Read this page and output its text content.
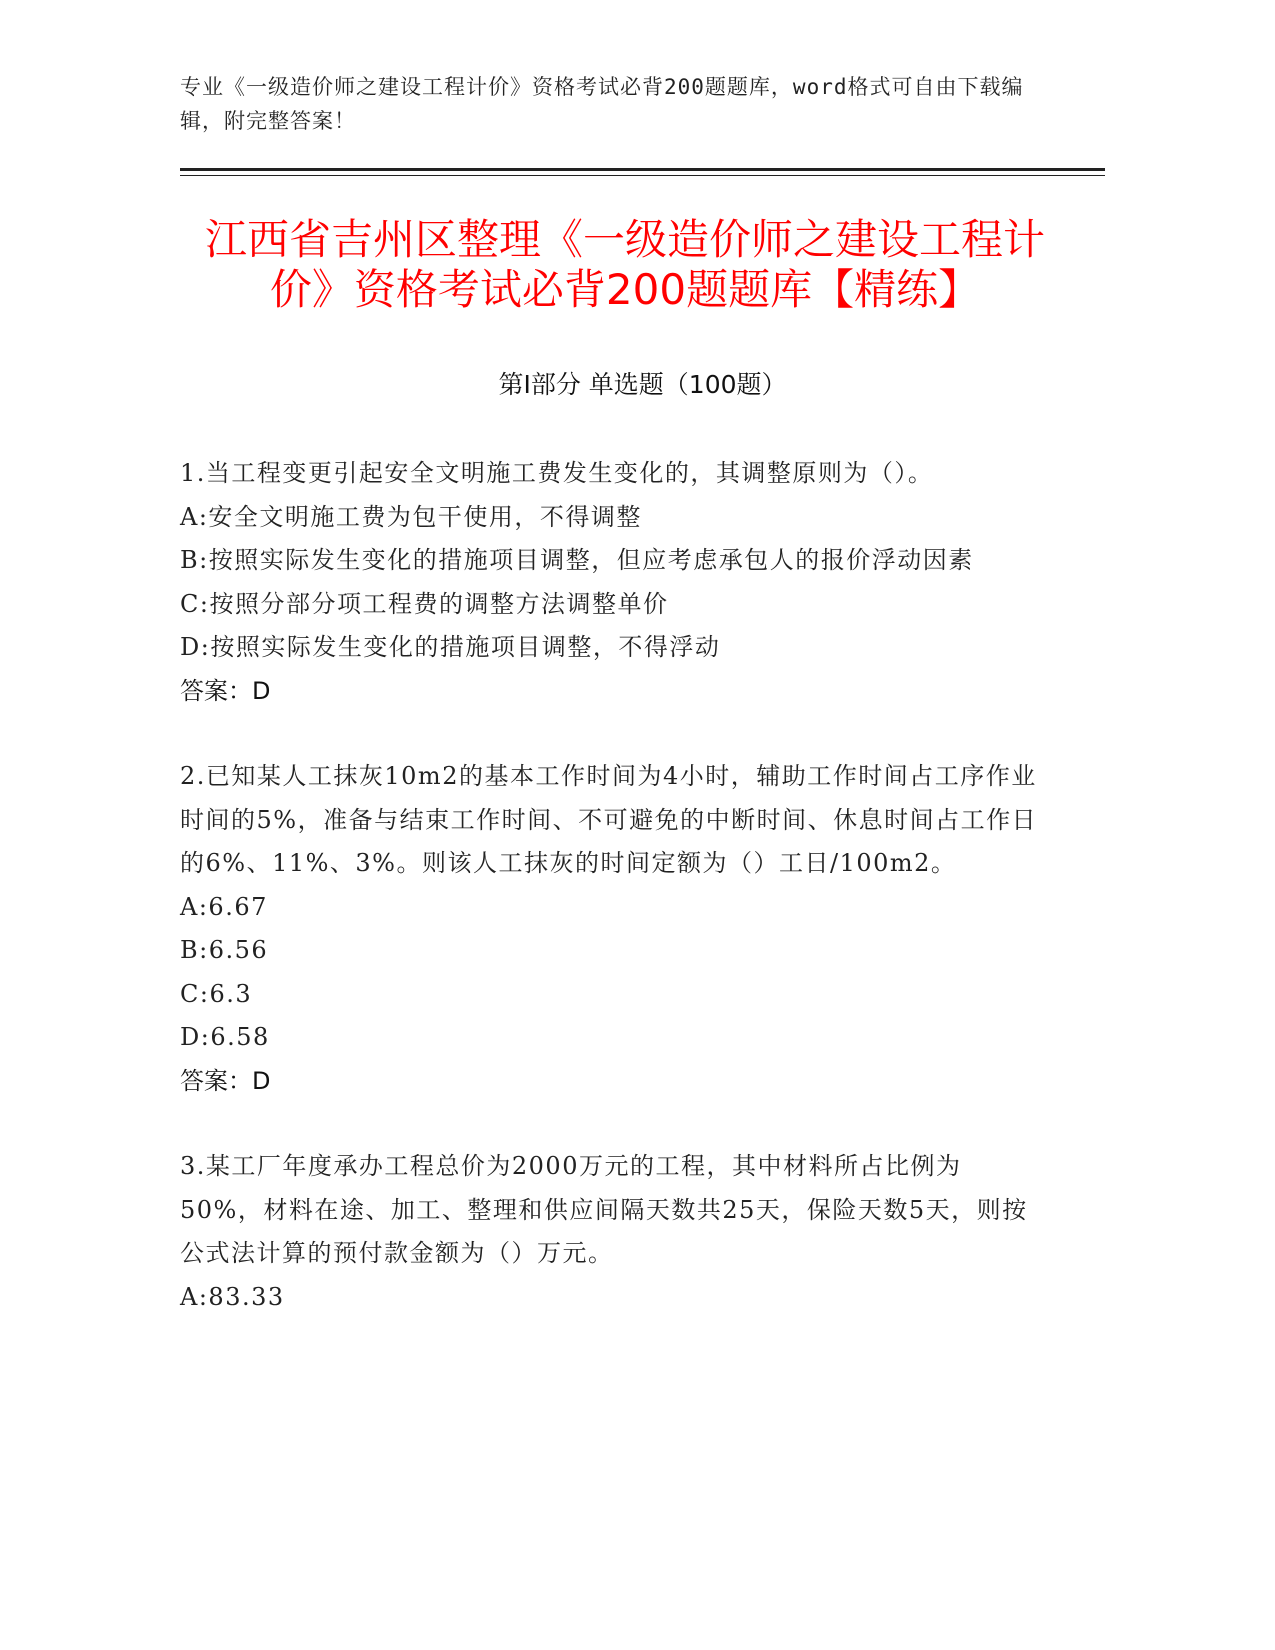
专业《一级造价师之建设工程计价》资格考试必背200题题库，word格式可自由下载编辑，附完整答案！
江西省吉州区整理《一级造价师之建设工程计价》资格考试必背200题题库【精练】
第I部分 单选题（100题）

1.当工程变更引起安全文明施工费发生变化的，其调整原则为（）。

A:安全文明施工费为包干使用，不得调整

B:按照实际发生变化的措施项目调整，但应考虑承包人的报价浮动因素

C:按照分部分项工程费的调整方法调整单价

D:按照实际发生变化的措施项目调整，不得浮动

答案：D

2.已知某人工抹灰10m2的基本工作时间为4小时，辅助工作时间占工序作业时间的5%，准备与结束工作时间、不可避免的中断时间、休息时间占工作日的6%、11%、3%。则该人工抹灰的时间定额为（）工日/100m2。

A:6.67

B:6.56

C:6.3

D:6.58

答案：D

3.某工厂年度承办工程总价为2000万元的工程，其中材料所占比例为50%，材料在途、加工、整理和供应间隔天数共25天，保险天数5天，则按公式法计算的预付款金额为（）万元。

A:83.33
